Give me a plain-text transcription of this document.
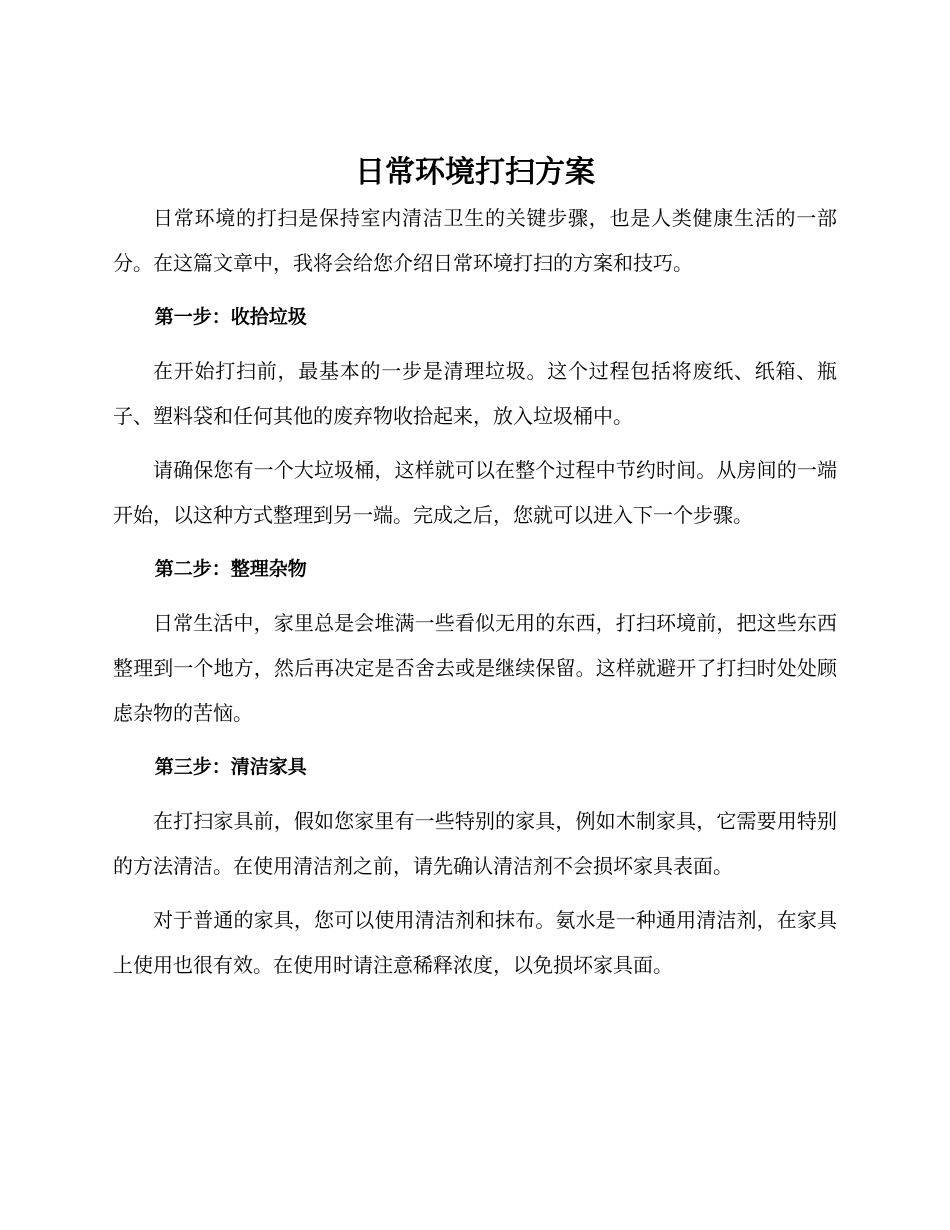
日常环境打扫方案

日常环境的打扫是保持室内清洁卫生的关键步骤，也是人类健康生活的一部分。在这篇文章中，我将会给您介绍日常环境打扫的方案和技巧。

第一步：收拾垃圾

在开始打扫前，最基本的一步是清理垃圾。这个过程包括将废纸、纸箱、瓶子、塑料袋和任何其他的废弃物收拾起来，放入垃圾桶中。

请确保您有一个大垃圾桶，这样就可以在整个过程中节约时间。从房间的一端开始，以这种方式整理到另一端。完成之后，您就可以进入下一个步骤。

第二步：整理杂物

日常生活中，家里总是会堆满一些看似无用的东西，打扫环境前，把这些东西整理到一个地方，然后再决定是否舍去或是继续保留。这样就避开了打扫时处处顾虑杂物的苦恼。

第三步：清洁家具

在打扫家具前，假如您家里有一些特别的家具，例如木制家具，它需要用特别的方法清洁。在使用清洁剂之前，请先确认清洁剂不会损坏家具表面。

对于普通的家具，您可以使用清洁剂和抹布。氨水是一种通用清洁剂，在家具上使用也很有效。在使用时请注意稀释浓度，以免损坏家具面。
